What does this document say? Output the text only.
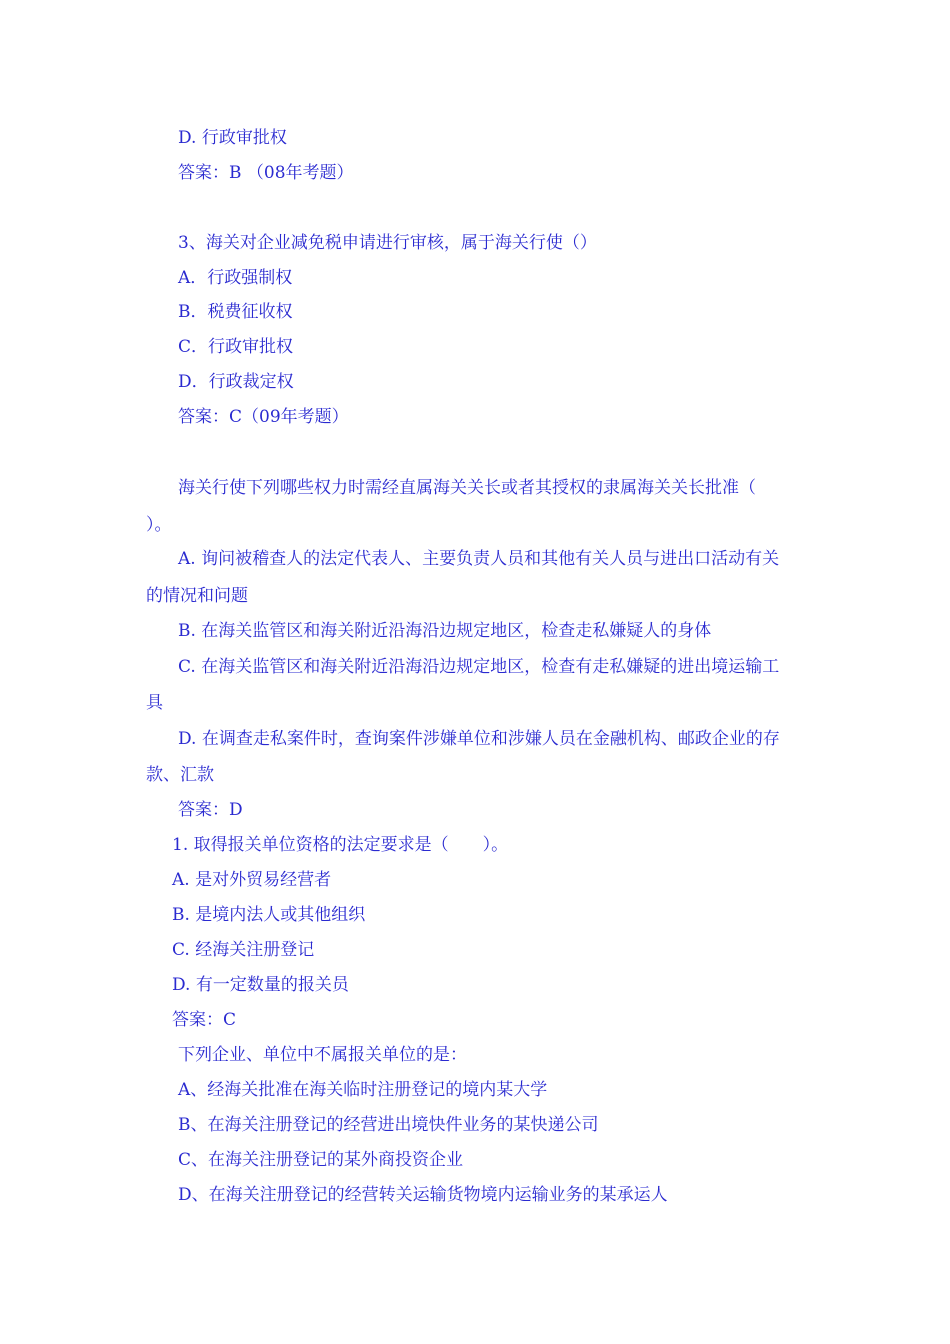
D. 行政审批权
答案：B （08年考题）
3、海关对企业减免税申请进行审核，属于海关行使（）
A．行政强制权
B．税费征收权
C．行政审批权
D．行政裁定权
答案：C（09年考题）
海关行使下列哪些权力时需经直属海关关长或者其授权的隶属海关关长批准（
）。
A. 询问被稽查人的法定代表人、主要负责人员和其他有关人员与进出口活动有关
的情况和问题
B. 在海关监管区和海关附近沿海沿边规定地区，检查走私嫌疑人的身体
C. 在海关监管区和海关附近沿海沿边规定地区，检查有走私嫌疑的进出境运输工
具
D. 在调查走私案件时，查询案件涉嫌单位和涉嫌人员在金融机构、邮政企业的存
款、汇款
答案：D
1. 取得报关单位资格的法定要求是（　　）。
A. 是对外贸易经营者
B. 是境内法人或其他组织
C. 经海关注册登记
D. 有一定数量的报关员
答案：C
下列企业、单位中不属报关单位的是：
A、经海关批准在海关临时注册登记的境内某大学
B、在海关注册登记的经营进出境快件业务的某快递公司
C、在海关注册登记的某外商投资企业
D、在海关注册登记的经营转关运输货物境内运输业务的某承运人
